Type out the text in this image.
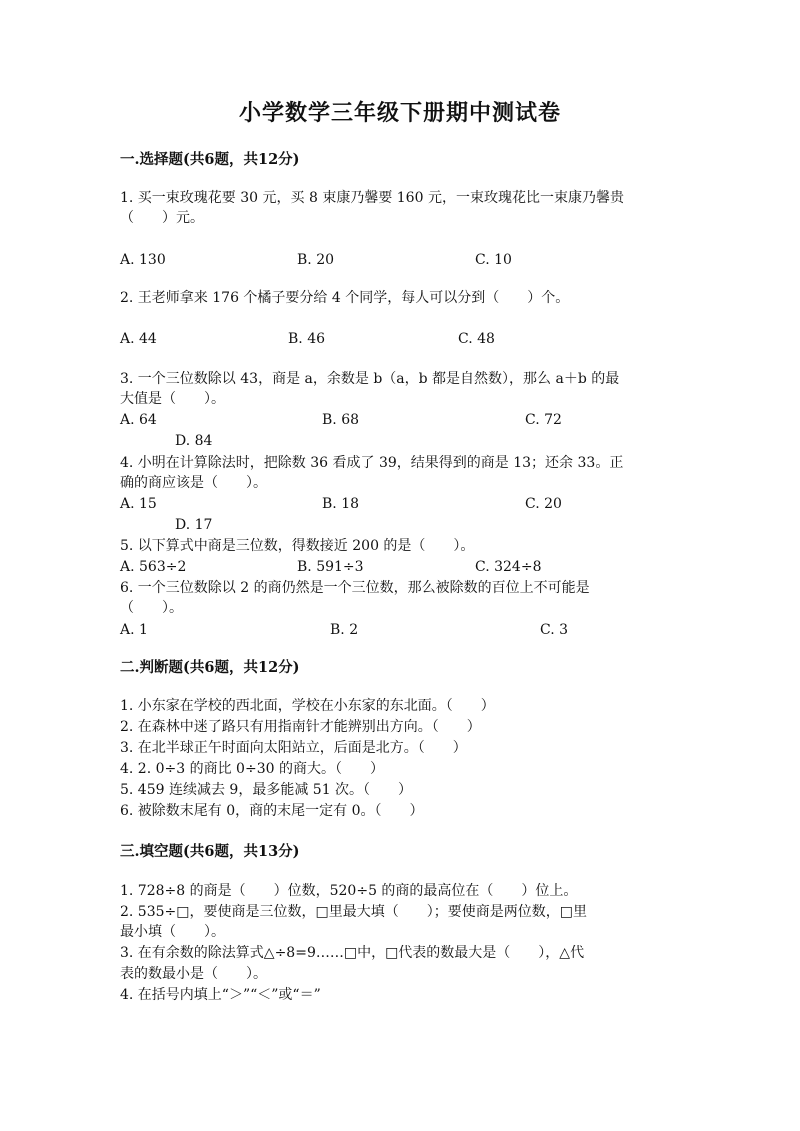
小学数学三年级下册期中测试卷
一.选择题(共6题，共12分)
1. 买一束玫瑰花要 30 元，买 8 束康乃馨要 160 元，一束玫瑰花比一束康乃馨贵
（　　）元。
A. 130	B. 20	C. 10
2. 王老师拿来 176 个橘子要分给 4 个同学，每人可以分到（　　）个。
A. 44	B. 46	C. 48
3. 一个三位数除以 43，商是 a，余数是 b（a，b 都是自然数），那么 a＋b 的最
大值是（　　）。
A. 64	B. 68	C. 72
D. 84
4. 小明在计算除法时，把除数 36 看成了 39，结果得到的商是 13；还余 33。正
确的商应该是（　　）。
A. 15	B. 18	C. 20
D. 17
5. 以下算式中商是三位数，得数接近 200 的是（　　）。
A. 563÷2	B. 591÷3	C. 324÷8
6. 一个三位数除以 2 的商仍然是一个三位数，那么被除数的百位上不可能是
（　　）。
A. 1	B. 2	C. 3
二.判断题(共6题，共12分)
1. 小东家在学校的西北面，学校在小东家的东北面。（　　）
2. 在森林中迷了路只有用指南针才能辨别出方向。（　　）
3. 在北半球正午时面向太阳站立，后面是北方。（　　）
4. 2. 0÷3 的商比 0÷30 的商大。（　　）
5. 459 连续减去 9，最多能减 51 次。（　　）
6. 被除数末尾有 0，商的末尾一定有 0。（　　）
三.填空题(共6题，共13分)
1. 728÷8 的商是（　　）位数，520÷5 的商的最高位在（　　）位上。
2. 535÷□，要使商是三位数，□里最大填（　　）；要使商是两位数，□里
最小填（　　）。
3. 在有余数的除法算式△÷8=9……□中，□代表的数最大是（　　），△代
表的数最小是（　　）。
4. 在括号内填上“＞”“＜”或“＝”
